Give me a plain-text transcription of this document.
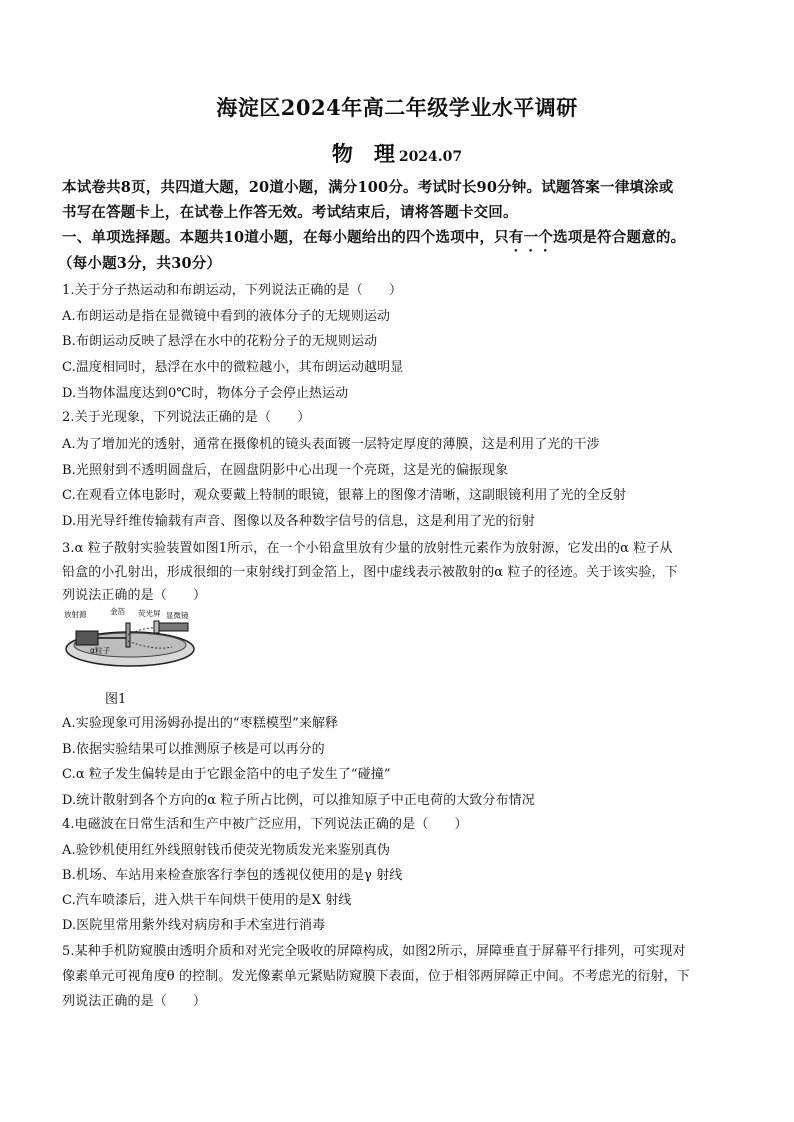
海淀区2024年高二年级学业水平调研
物　理 2024.07
本试卷共8页，共四道大题，20道小题，满分100分。考试时长90分钟。试题答案一律填涂或
书写在答题卡上，在试卷上作答无效。考试结束后，请将答题卡交回。
一、单项选择题。本题共10道小题，在每小题给出的四个选项中，只有一个选项是符合题意的。
（每小题3分，共30分）
1.关于分子热运动和布朗运动，下列说法正确的是（　　）
A.布朗运动是指在显微镜中看到的液体分子的无规则运动
B.布朗运动反映了悬浮在水中的花粉分子的无规则运动
C.温度相同时，悬浮在水中的微粒越小，其布朗运动越明显
D.当物体温度达到0℃时，物体分子会停止热运动
2.关于光现象，下列说法正确的是（　　）
A.为了增加光的透射，通常在摄像机的镜头表面镀一层特定厚度的薄膜，这是利用了光的干涉
B.光照射到不透明圆盘后，在圆盘阴影中心出现一个亮斑，这是光的偏振现象
C.在观看立体电影时，观众要戴上特制的眼镜，银幕上的图像才清晰，这副眼镜利用了光的全反射
D.用光导纤维传输载有声音、图像以及各种数字信号的信息，这是利用了光的衍射
3.α 粒子散射实验装置如图1所示，在一个小铅盒里放有少量的放射性元素作为放射源，它发出的α 粒子从
铅盒的小孔射出，形成很细的一束射线打到金箔上，图中虚线表示被散射的α 粒子的径迹。关于该实验，下
列说法正确的是（　　）
放射源	金箔 荧光屏 显微镜
α粒子
图1
A.实验现象可用汤姆孙提出的“枣糕模型”来解释
B.依据实验结果可以推测原子核是可以再分的
C.α 粒子发生偏转是由于它跟金箔中的电子发生了“碰撞”
D.统计散射到各个方向的α 粒子所占比例，可以推知原子中正电荷的大致分布情况
4.电磁波在日常生活和生产中被广泛应用，下列说法正确的是（　　）
A.验钞机使用红外线照射钱币使荧光物质发光来鉴别真伪
B.机场、车站用来检查旅客行李包的透视仪使用的是γ 射线
C.汽车喷漆后，进入烘干车间烘干使用的是X 射线
D.医院里常用紫外线对病房和手术室进行消毒
5.某种手机防窥膜由透明介质和对光完全吸收的屏障构成，如图2所示，屏障垂直于屏幕平行排列，可实现对
像素单元可视角度θ 的控制。发光像素单元紧贴防窥膜下表面，位于相邻两屏障正中间。不考虑光的衍射，下
列说法正确的是（　　）
